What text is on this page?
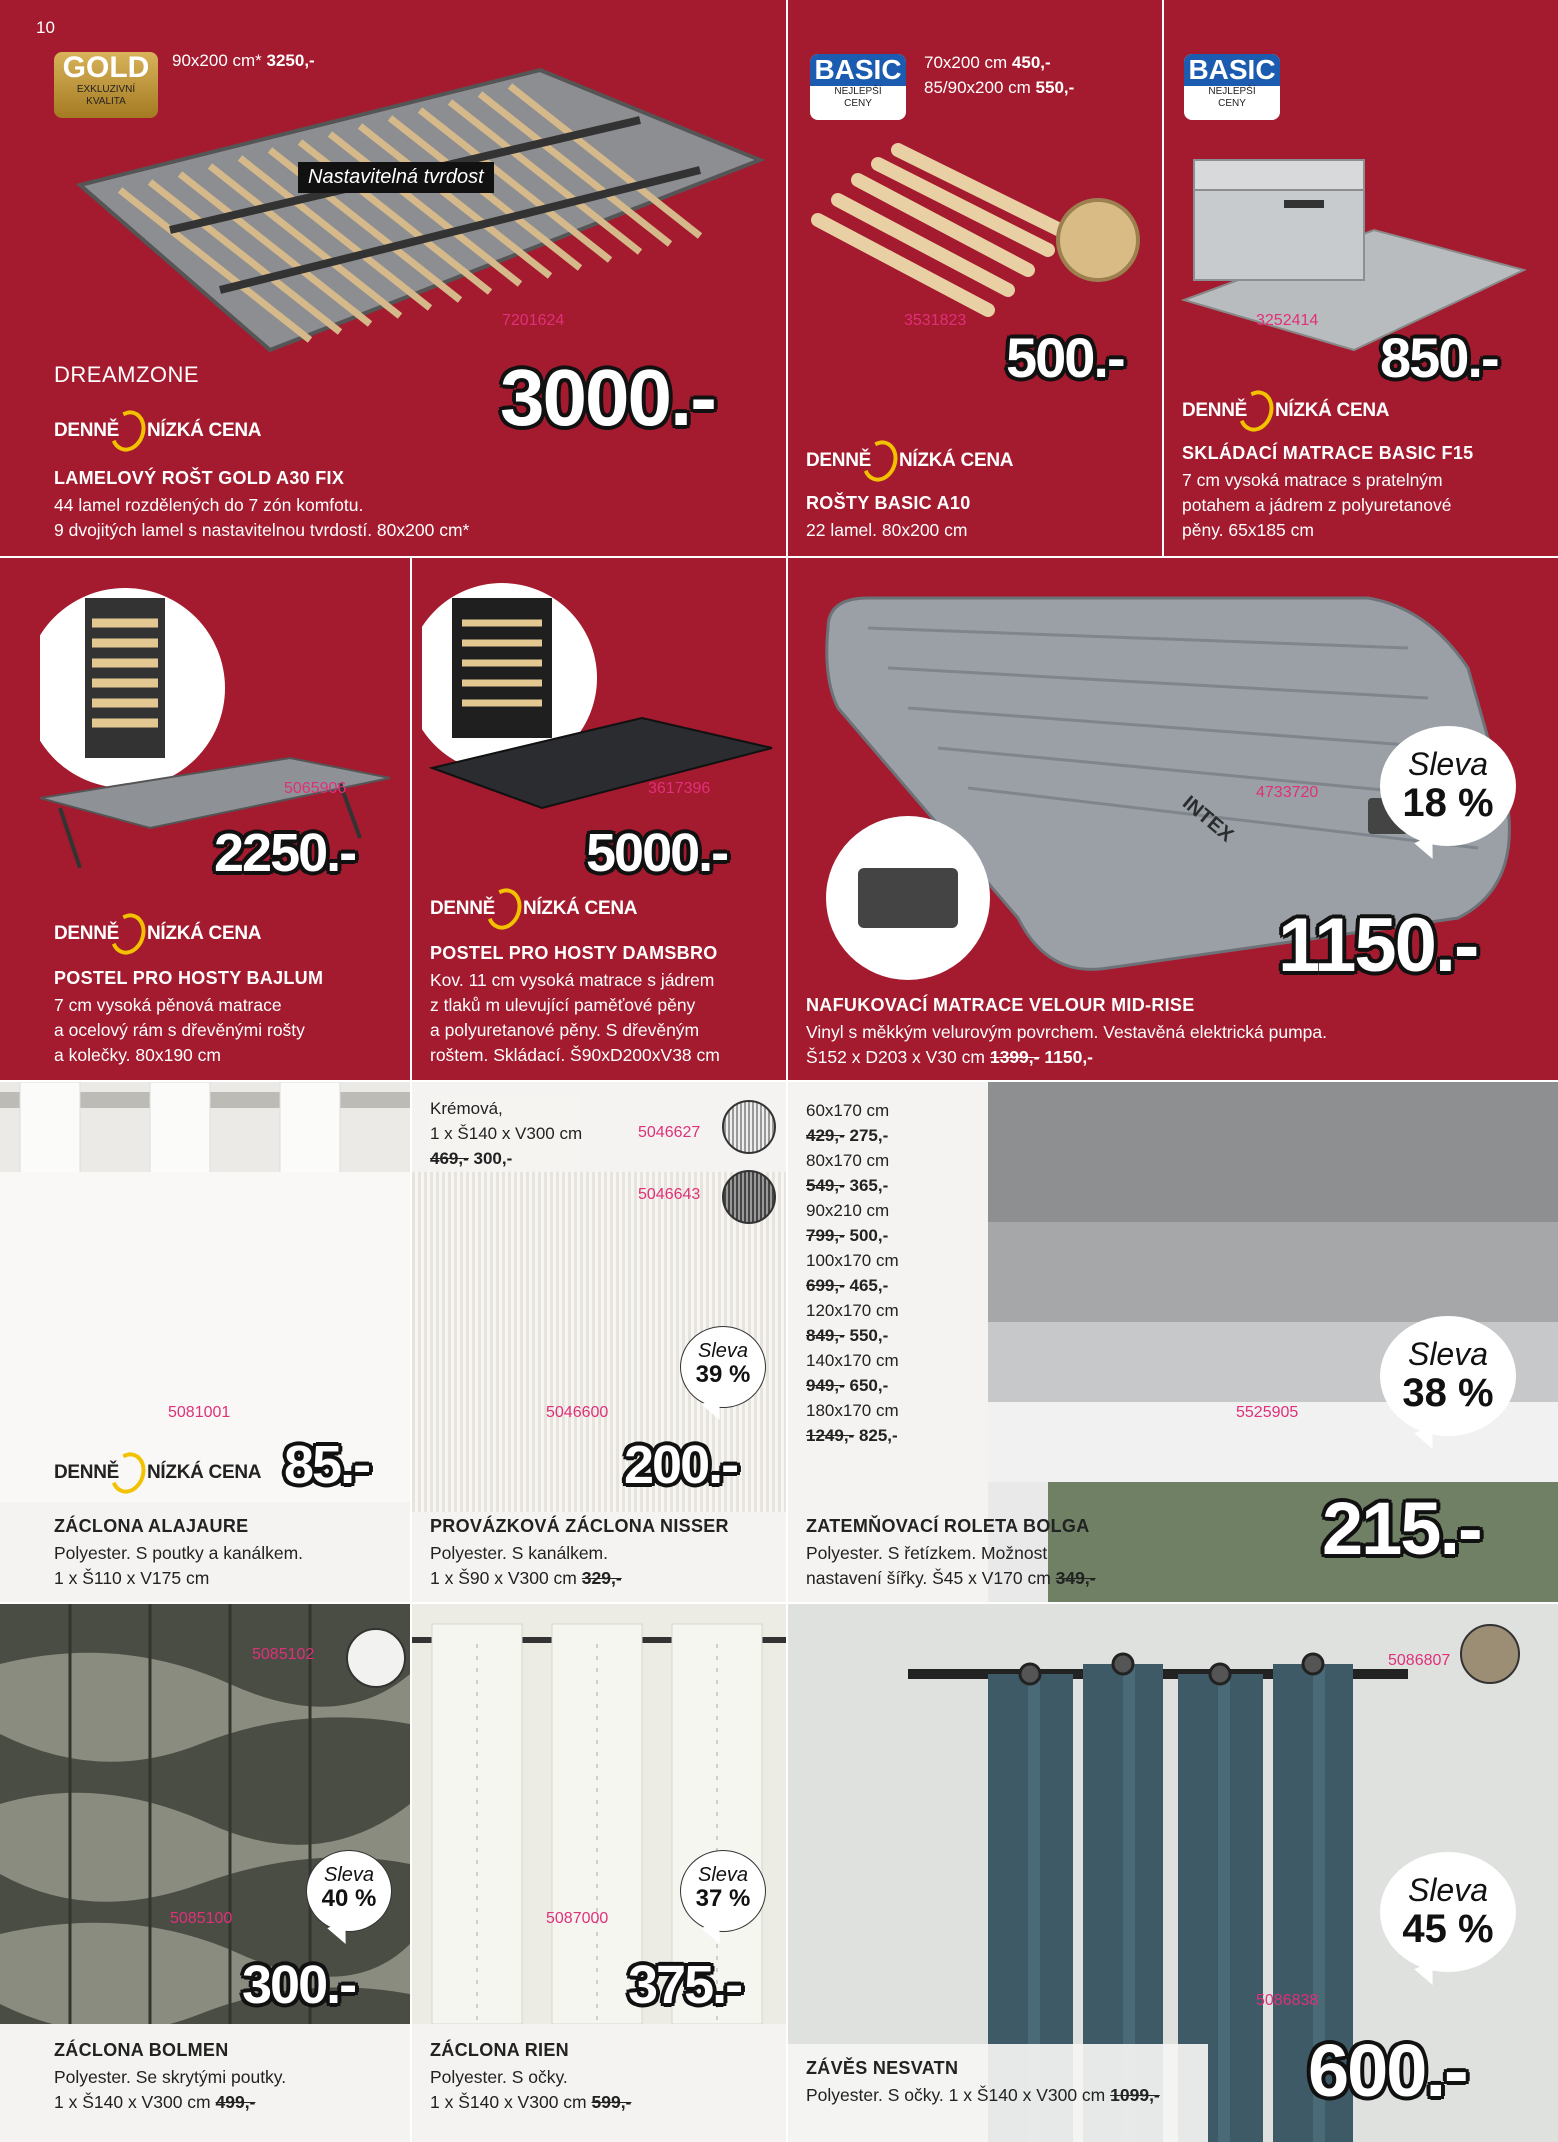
10
GOLD
EXKLUZIVNÍ
KVALITA
90x200 cm* 3250,-
Nastavitelná tvrdost
7201624
DREAMZONE
DENNĚ NÍZKÁ CENA	3000.-
LAMELOVÝ ROŠT GOLD A30 FIX
44 lamel rozdělených do 7 zón komfotu.
9 dvojitých lamel s nastavitelnou tvrdostí. 80x200 cm*
BASIC
NEJLEPŠÍ
CENY
70x200 cm 450,-
85/90x200 cm 550,-
3531823
500.-
DENNĚ NÍZKÁ CENA
ROŠTY BASIC A10
22 lamel. 80x200 cm
BASIC
NEJLEPŠÍ
CENY
3252414
850.-
DENNĚ NÍZKÁ CENA
SKLÁDACÍ MATRACE BASIC F15
7 cm vysoká matrace s pratelným
potahem a jádrem z polyuretanové
pěny. 65x185 cm
5065906
2250.-
DENNĚ NÍZKÁ CENA
POSTEL PRO HOSTY BAJLUM
7 cm vysoká pěnová matrace
a ocelový rám s dřevěnými rošty
a kolečky. 80x190 cm
3617396
5000.-
DENNĚ NÍZKÁ CENA
POSTEL PRO HOSTY DAMSBRO
Kov. 11 cm vysoká matrace s jádrem
z tlaků m ulevující paměťové pěny
a polyuretanové pěny. S dřevěným
roštem. Skládací. Š90xD200xV38 cm
INTEX 4733720
Sleva
18 %
1150.-
NAFUKOVACÍ MATRACE VELOUR MID-RISE
Vinyl s měkkým velurovým povrchem. Vestavěná elektrická pumpa.
Š152 x D203 x V30 cm 1399,- 1150,-
5081001
DENNĚ NÍZKÁ CENA 85.-
ZÁCLONA ALAJAURE
Polyester. S poutky a kanálkem.
1 x Š110 x V175 cm
Krémová,
1 x Š140 x V300 cm
469,- 300,-
5046627
5046643
Sleva
39 %
5046600
200.-
PROVÁZKOVÁ ZÁCLONA NISSER
Polyester. S kanálkem.
1 x Š90 x V300 cm 329,-
60x170 cm
429,- 275,-
80x170 cm
549,- 365,-
90x210 cm
799,- 500,-
100x170 cm
699,- 465,-
120x170 cm
849,- 550,-
140x170 cm
949,- 650,-
180x170 cm
1249,- 825,-
Sleva
38 %
5525905
215.-
ZATEMŇOVACÍ ROLETA BOLGA
Polyester. S řetízkem. Možnost
nastavení šířky. Š45 x V170 cm 349,-
5085102
Sleva
40 %
5085100
300.-
ZÁCLONA BOLMEN
Polyester. Se skrytými poutky.
1 x Š140 x V300 cm 499,-
Sleva
37 %
5087000
375.-
ZÁCLONA RIEN
Polyester. S očky.
1 x Š140 x V300 cm 599,-
5086807
Sleva
45 %
5086838
600.-
ZÁVĚS NESVATN
Polyester. S očky. 1 x Š140 x V300 cm 1099,-
